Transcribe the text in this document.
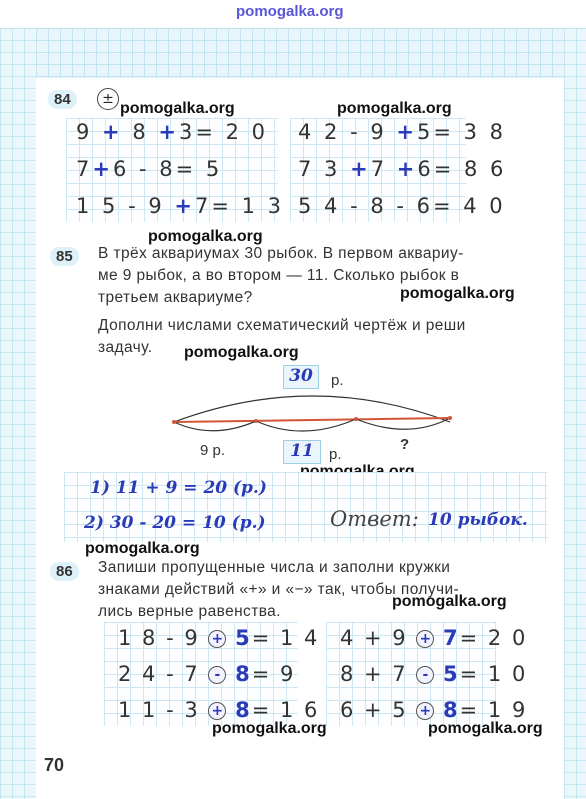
pomogalka.org
84	±
pomogalka.org	pomogalka.org
9 + 8 +3= 2 0
7+6 - 8= 5
1 5 - 9 +7= 1 3
4 2 - 9 +5= 3 8
7 3 +7 +6= 8 6
5 4 - 8 - 6= 4 0
pomogalka.org
85	В трёх аквариумах 30 рыбок. В первом аквариу-
ме 9 рыбок, а во втором — 11. Сколько рыбок в
третьем аквариуме?	pomogalka.org
Дополни числами схематический чертёж и реши
задачу. pomogalka.org
30	р.
9 р.	11	р.
?
1) 11 + 9 = 20 (р.)
2) 30 - 20 = 10 (р.)	Ответ: 10 рыбок.
pomogalka.org
86	Запиши пропущенные числа и заполни кружки
знаками действий «+» и «−» так, чтобы получи-
лись верные равенства.
pomogalka.org
1 8 - 9 + 5= 1 4
2 4 - 7 - 8= 9
1 1 - 3 + 8= 1 6
4 + 9 + 7= 2 0
8 + 7 - 5= 1 0
6 + 5 + 8= 1 9
pomogalka.org	pomogalka.org
70
